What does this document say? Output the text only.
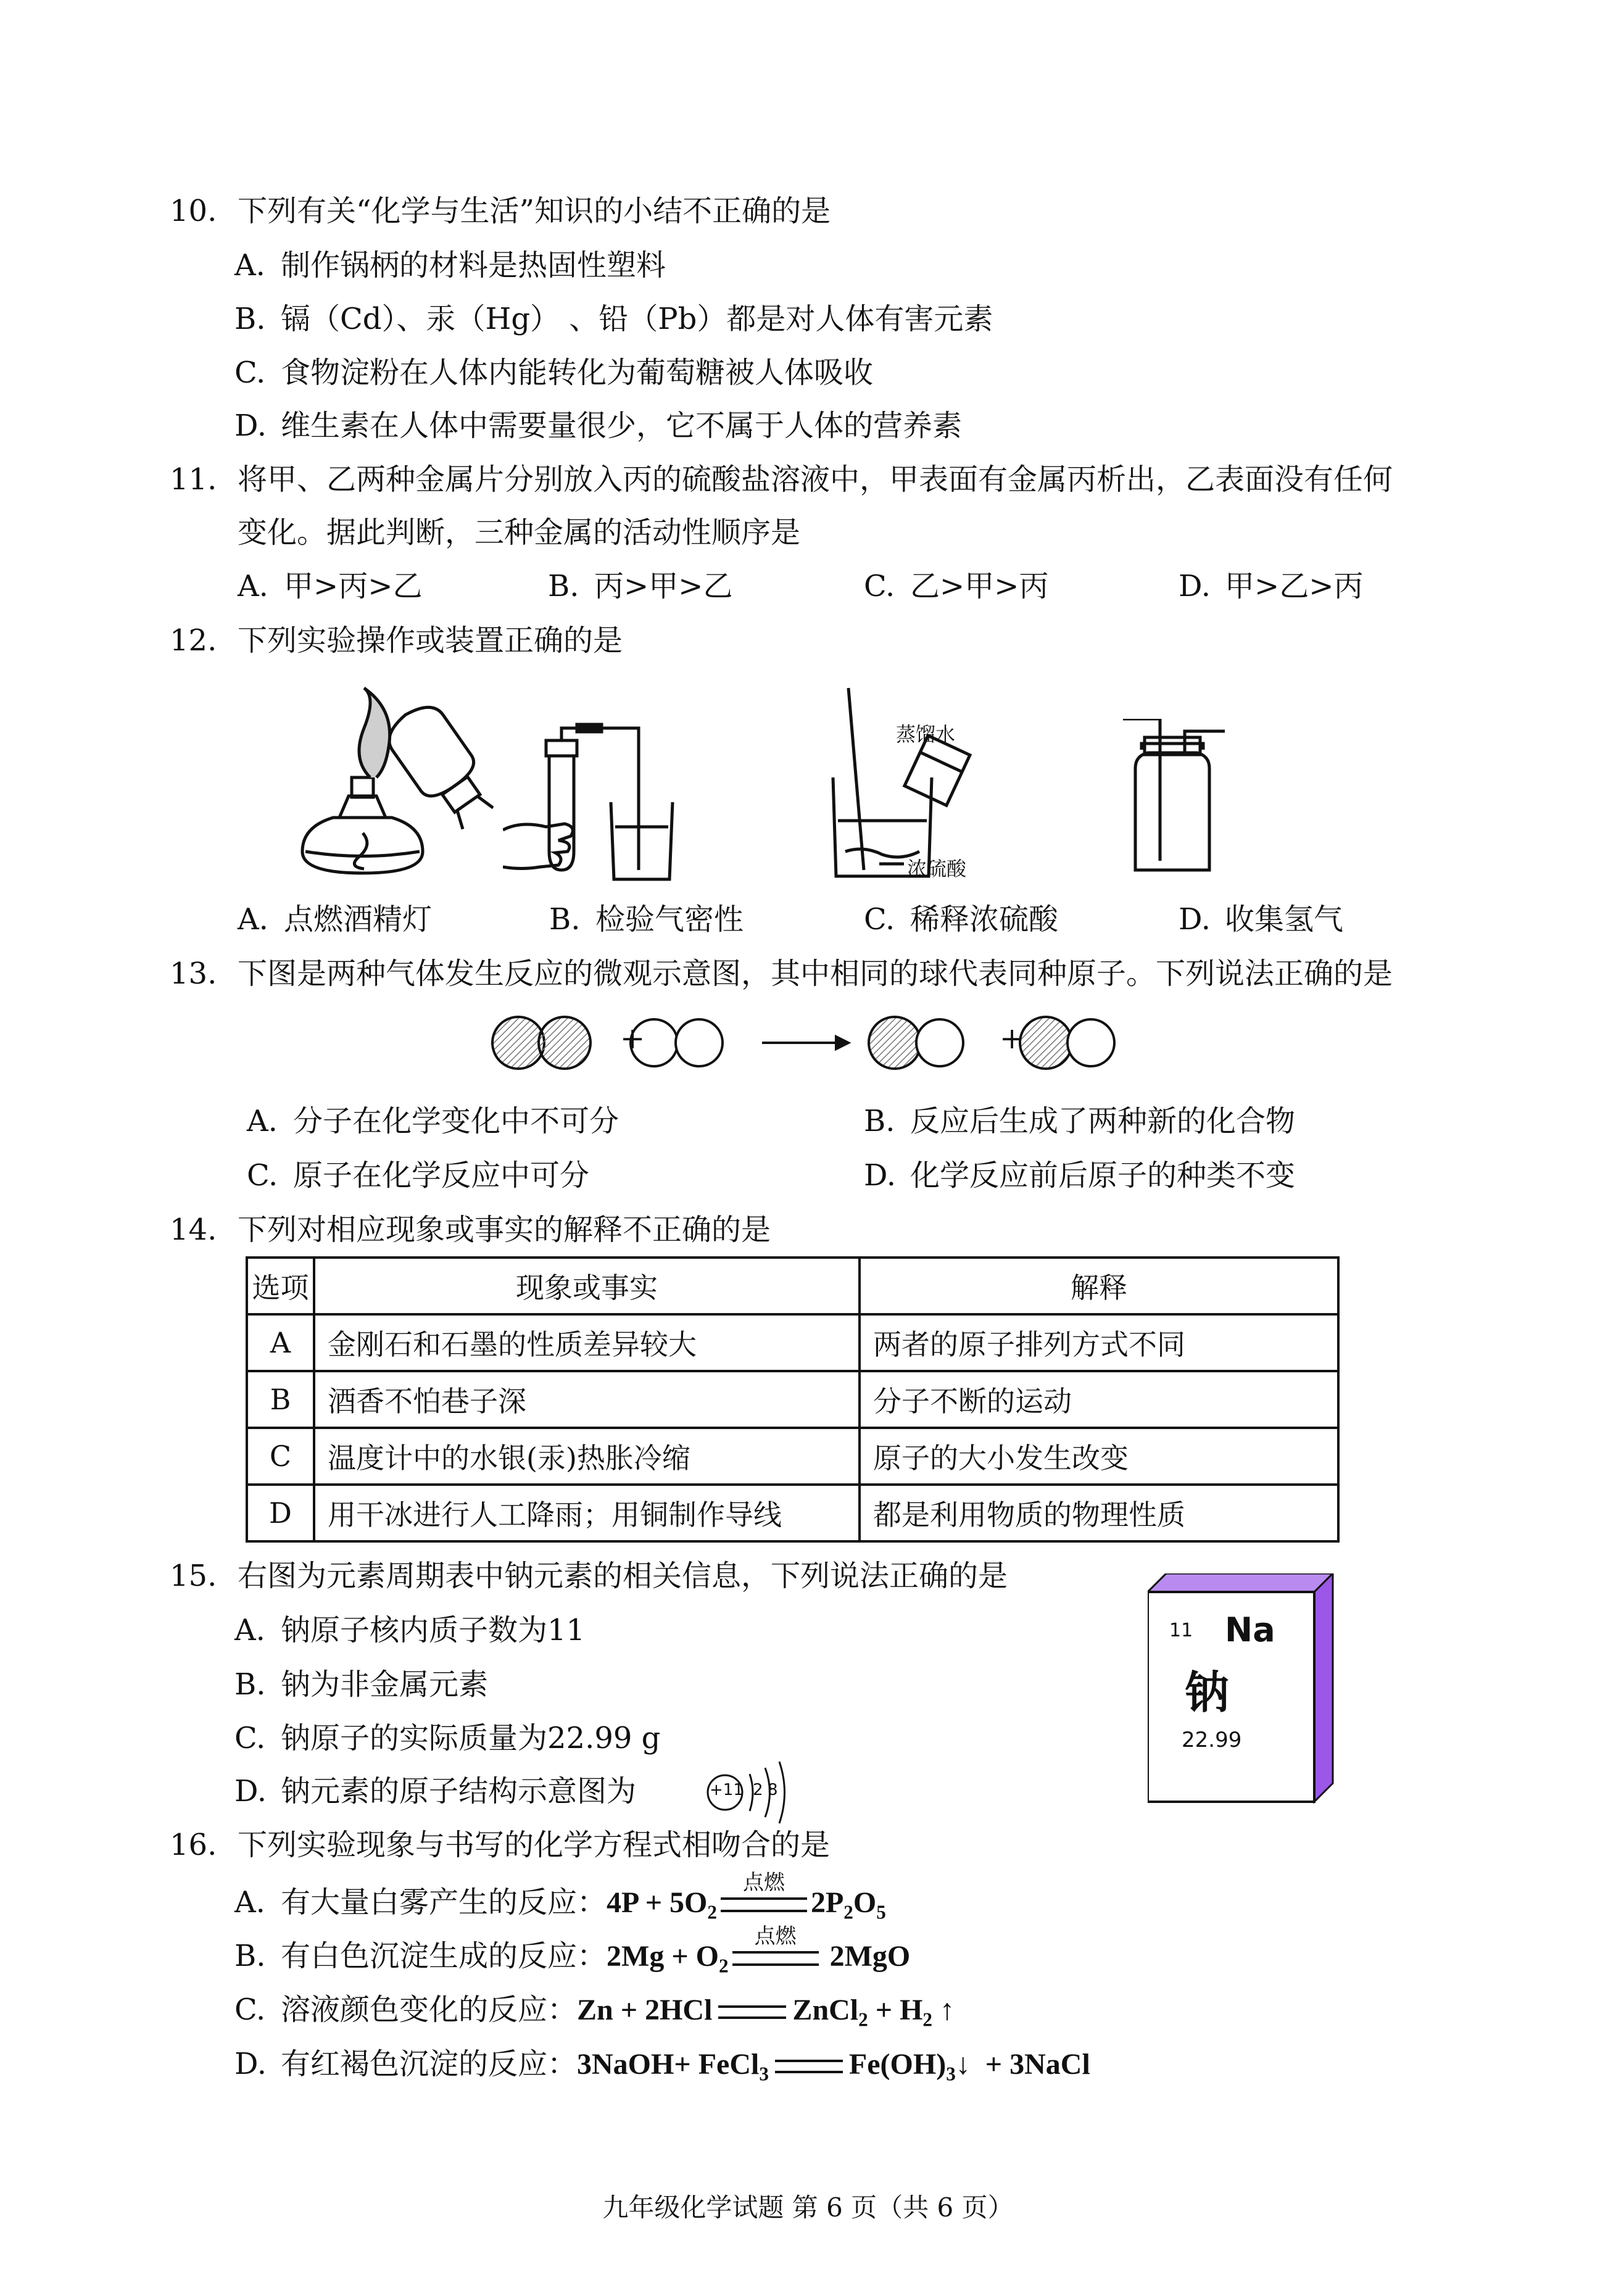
10. 下列有关“化学与生活”知识的小结不正确的是
A. 制作锅柄的材料是热固性塑料
B. 镉（Cd）、汞（Hg） 、铅（Pb）都是对人体有害元素
C. 食物淀粉在人体内能转化为葡萄糖被人体吸收
D. 维生素在人体中需要量很少，它不属于人体的营养素
11. 将甲、乙两种金属片分别放入丙的硫酸盐溶液中，甲表面有金属丙析出，乙表面没有任何
变化。据此判断，三种金属的活动性顺序是
A. 甲>丙>乙	B. 丙>甲>乙	C. 乙>甲>丙	D. 甲>乙>丙
12. 下列实验操作或装置正确的是
A. 点燃酒精灯	B. 检验气密性
蒸馏水
浓硫酸
C. 稀释浓硫酸	D. 收集氢气
13. 下图是两种气体发生反应的微观示意图，其中相同的球代表同种原子。下列说法正确的是
+	+
A. 分子在化学变化中不可分	B. 反应后生成了两种新的化合物
C. 原子在化学反应中可分	D. 化学反应前后原子的种类不变
14. 下列对相应现象或事实的解释不正确的是
选项	现象或事实	解释
A	金刚石和石墨的性质差异较大	两者的原子排列方式不同
B	酒香不怕巷子深	分子不断的运动
C	温度计中的水银(汞)热胀冷缩	原子的大小发生改变
D	用干冰进行人工降雨；用铜制作导线	都是利用物质的物理性质
15. 右图为元素周期表中钠元素的相关信息，下列说法正确的是
A. 钠原子核内质子数为11
B. 钠为非金属元素
C. 钠原子的实际质量为22.99 g
D. 钠元素的原子结构示意图为	+11 2 8
11 Na
钠
22.99
16. 下列实验现象与书写的化学方程式相吻合的是
A. 有大量白雾产生的反应：$4P + 5O_2$
点燃
$2P_2O_5$
B. 有白色沉淀生成的反应：$2Mg + O_2$
点燃
2MgO
C. 溶液颜色变化的反应：Zn + 2HCl	ZnCl$_2$ + $H_2$ ↑
D. 有红褐色沉淀的反应：3NaOH+ FeCl$_3$	$Fe(OH)_3↓$  + 3NaCl
九年级化学试题 第 6 页（共 6 页）
